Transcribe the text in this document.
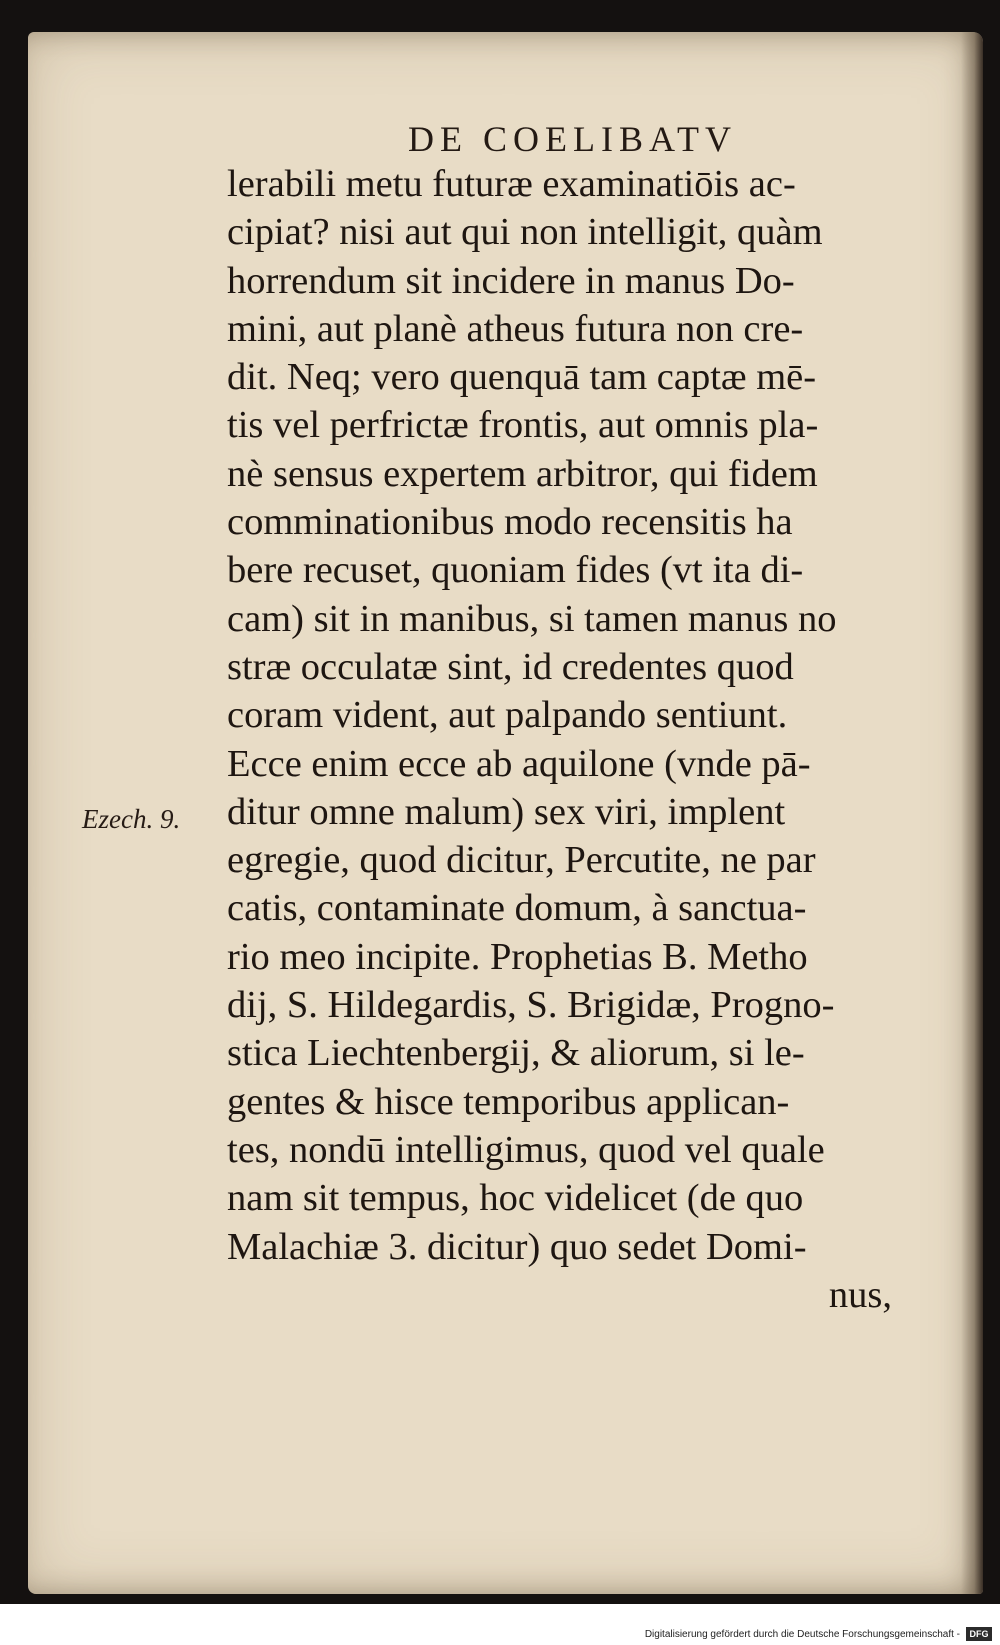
DE COELIBATV
Ezech. 9.
lerabili metu futuræ examinatiōis ac-
cipiat? nisi aut qui non intelligit, quàm
horrendum sit incidere in manus Do-
mini, aut planè atheus futura non cre-
dit. Neq; vero quenquā tam captæ mē-
tis vel perfrictæ frontis, aut omnis pla-
nè sensus expertem arbitror, qui fidem
comminationibus modo recensitis ha
bere recuset, quoniam fides (vt ita di-
cam) sit in manibus, si tamen manus no
stræ occulatæ sint, id credentes quod
coram vident, aut palpando sentiunt.
Ecce enim ecce ab aquilone (vnde pā-
ditur omne malum) sex viri, implent
egregie, quod dicitur, Percutite, ne par
catis, contaminate domum, à sanctua-
rio meo incipite. Prophetias B. Metho
dij, S. Hildegardis, S. Brigidæ, Progno-
stica Liechtenbergij, & aliorum, si le-
gentes & hisce temporibus applican-
tes, nondū intelligimus, quod vel quale
nam sit tempus, hoc videlicet (de quo
Malachiæ 3. dicitur) quo sedet Domi-
nus,
Digitalisierung gefördert durch die Deutsche Forschungsgemeinschaft -	DFG
